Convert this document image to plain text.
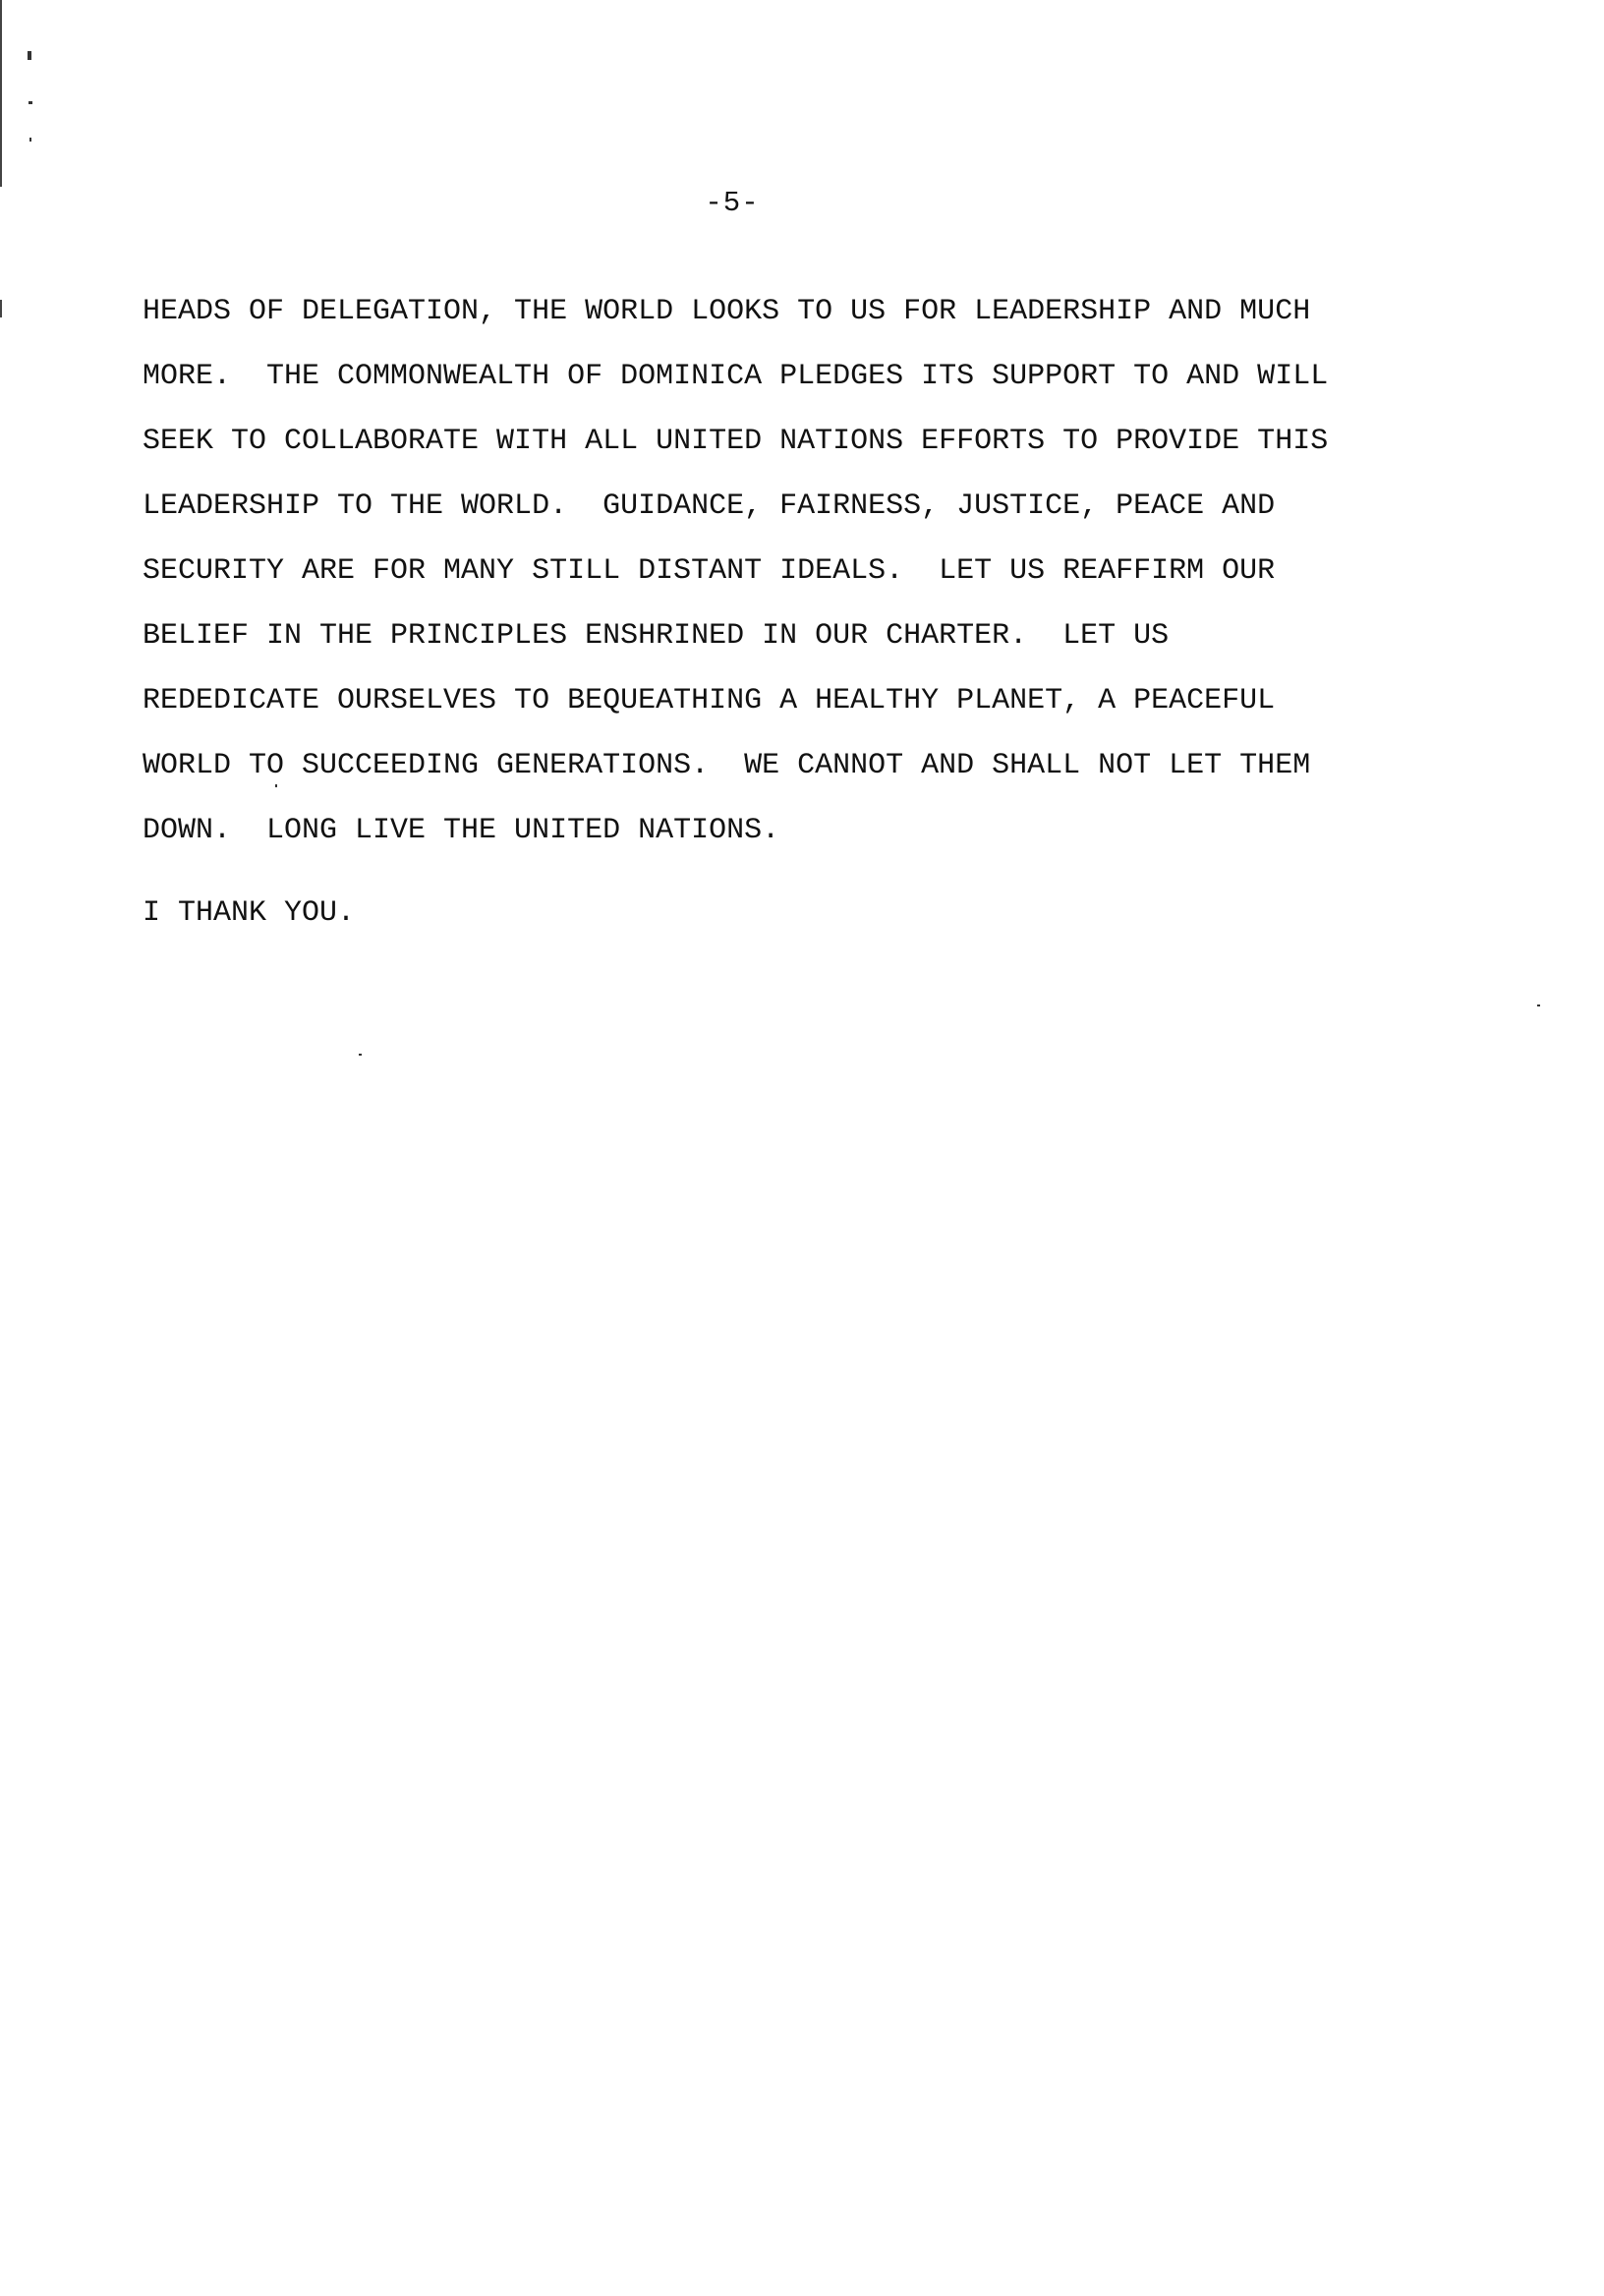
-5-
HEADS OF DELEGATION, THE WORLD LOOKS TO US FOR LEADERSHIP AND MUCH
MORE.  THE COMMONWEALTH OF DOMINICA PLEDGES ITS SUPPORT TO AND WILL
SEEK TO COLLABORATE WITH ALL UNITED NATIONS EFFORTS TO PROVIDE THIS
LEADERSHIP TO THE WORLD.  GUIDANCE, FAIRNESS, JUSTICE, PEACE AND
SECURITY ARE FOR MANY STILL DISTANT IDEALS.  LET US REAFFIRM OUR
BELIEF IN THE PRINCIPLES ENSHRINED IN OUR CHARTER.  LET US
REDEDICATE OURSELVES TO BEQUEATHING A HEALTHY PLANET, A PEACEFUL
WORLD TO SUCCEEDING GENERATIONS.  WE CANNOT AND SHALL NOT LET THEM
DOWN.  LONG LIVE THE UNITED NATIONS.
I THANK YOU.
